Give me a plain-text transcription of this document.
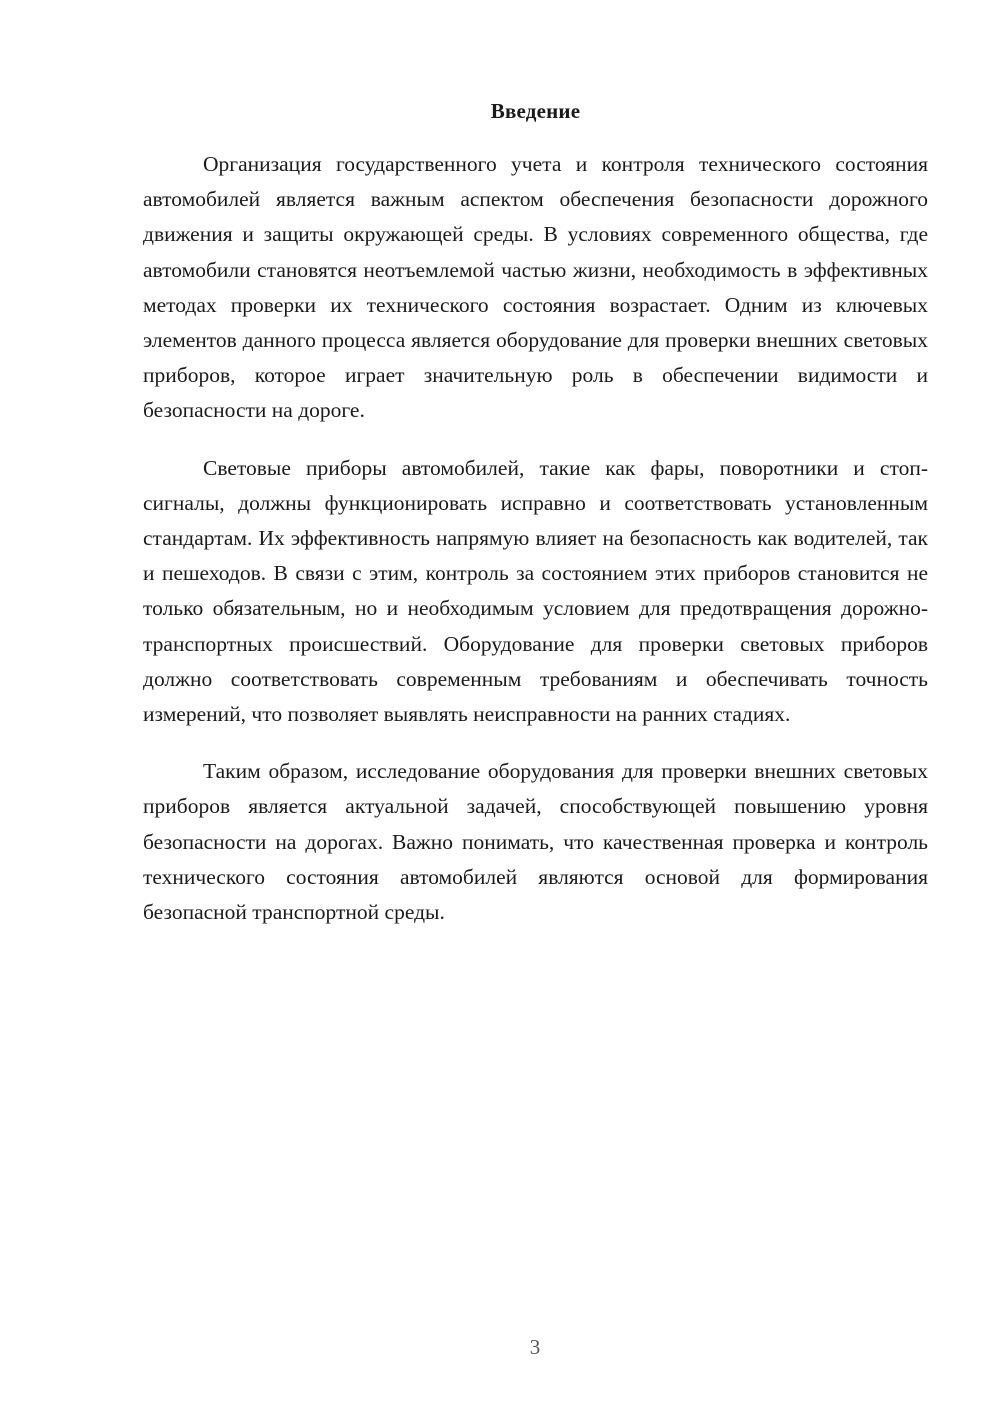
Введение

Организация государственного учета и контроля технического состояния автомобилей является важным аспектом обеспечения безопасности дорожного движения и защиты окружающей среды. В условиях современного общества, где автомобили становятся неотъемлемой частью жизни, необходимость в эффективных методах проверки их технического состояния возрастает. Одним из ключевых элементов данного процесса является оборудование для проверки внешних световых приборов, которое играет значительную роль в обеспечении видимости и безопасности на дороге.

Световые приборы автомобилей, такие как фары, поворотники и стоп-сигналы, должны функционировать исправно и соответствовать установленным стандартам. Их эффективность напрямую влияет на безопасность как водителей, так и пешеходов. В связи с этим, контроль за состоянием этих приборов становится не только обязательным, но и необходимым условием для предотвращения дорожно-транспортных происшествий. Оборудование для проверки световых приборов должно соответствовать современным требованиям и обеспечивать точность измерений, что позволяет выявлять неисправности на ранних стадиях.

Таким образом, исследование оборудования для проверки внешних световых приборов является актуальной задачей, способствующей повышению уровня безопасности на дорогах. Важно понимать, что качественная проверка и контроль технического состояния автомобилей являются основой для формирования безопасной транспортной среды.

3
